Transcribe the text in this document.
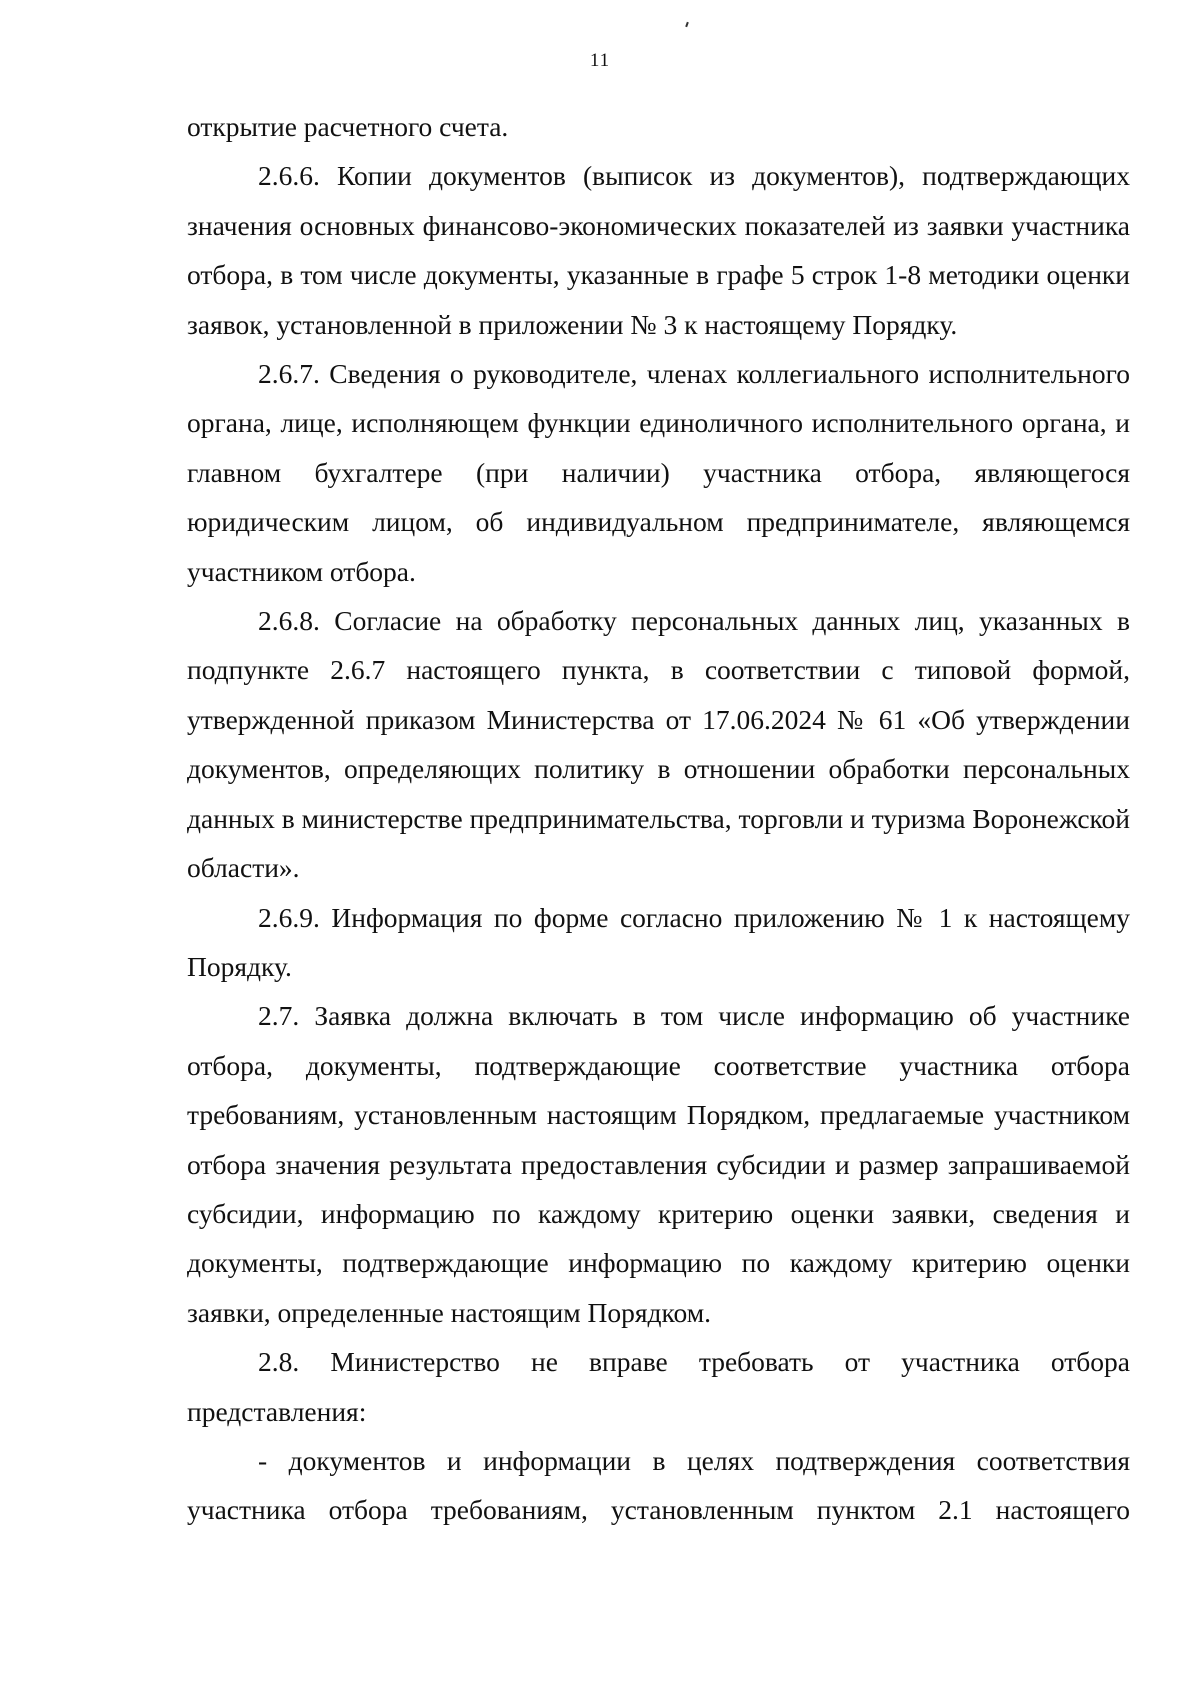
11

открытие расчетного счета.

2.6.6. Копии документов (выписок из документов), подтверждающих значения основных финансово-экономических показателей из заявки участника отбора, в том числе документы, указанные в графе 5 строк 1-8 методики оценки заявок, установленной в приложении № 3 к настоящему Порядку.

2.6.7. Сведения о руководителе, членах коллегиального исполнительного органа, лице, исполняющем функции единоличного исполнительного органа, и главном бухгалтере (при наличии) участника отбора, являющегося юридическим лицом, об индивидуальном предпринимателе, являющемся участником отбора.

2.6.8. Согласие на обработку персональных данных лиц, указанных в подпункте 2.6.7 настоящего пункта, в соответствии с типовой формой, утвержденной приказом Министерства от 17.06.2024 № 61 «Об утверждении документов, определяющих политику в отношении обработки персональных данных в министерстве предпринимательства, торговли и туризма Воронежской области».

2.6.9. Информация по форме согласно приложению № 1 к настоящему Порядку.

2.7. Заявка должна включать в том числе информацию об участнике отбора, документы, подтверждающие соответствие участника отбора требованиям, установленным настоящим Порядком, предлагаемые участником отбора значения результата предоставления субсидии и размер запрашиваемой субсидии, информацию по каждому критерию оценки заявки, сведения и документы, подтверждающие информацию по каждому критерию оценки заявки, определенные настоящим Порядком.

2.8. Министерство не вправе требовать от участника отбора представления:

- документов и информации в целях подтверждения соответствия участника отбора требованиям, установленным пунктом 2.1 настоящего
